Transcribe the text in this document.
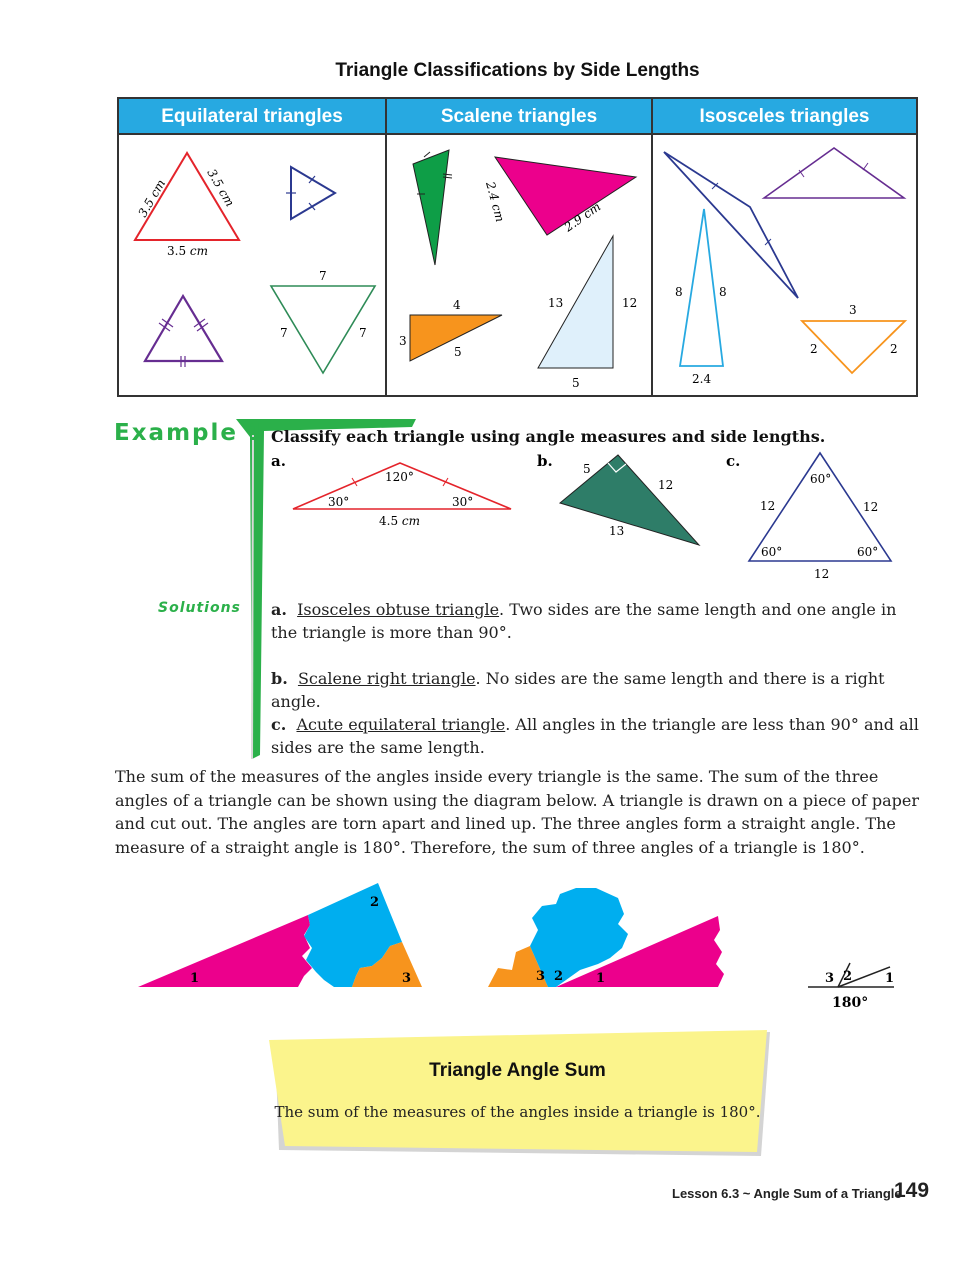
Triangle Classifications by Side Lengths
Equilateral triangles	Scalene triangles	Isosceles triangles
3.5 cm	3.5 cm
3.5 cm
7
7	7
2.4 cm	2.9 cm
4
3
5
13	12
5
8	8
2.4
3
2	2
Example 1 Classify each triangle using angle measures and side lengths.
a.
120°
30°	30°
4.5 cm
b.	5
12
13
c.
60°
60°	60°
12	12
12
Solutions a. Isosceles obtuse triangle. Two sides are the same length and one angle in the triangle is more than 90°.
b. Scalene right triangle. No sides are the same length and there is a right angle.
c. Acute equilateral triangle. All angles in the triangle are less than 90° and all sides are the same length.
The sum of the measures of the angles inside every triangle is the same. The sum of the three angles of a triangle can be shown using the diagram below. A triangle is drawn on a piece of paper and cut out. The angles are torn apart and lined up. The three angles form a straight angle. The measure of a straight angle is 180°. Therefore, the sum of three angles of a triangle is 180°.
1
2
3	3 2	1	3 2	1
180°
Triangle Angle Sum
The sum of the measures of the angles inside a triangle is 180°.
Lesson 6.3 ~ Angle Sum of a Triangle
149
